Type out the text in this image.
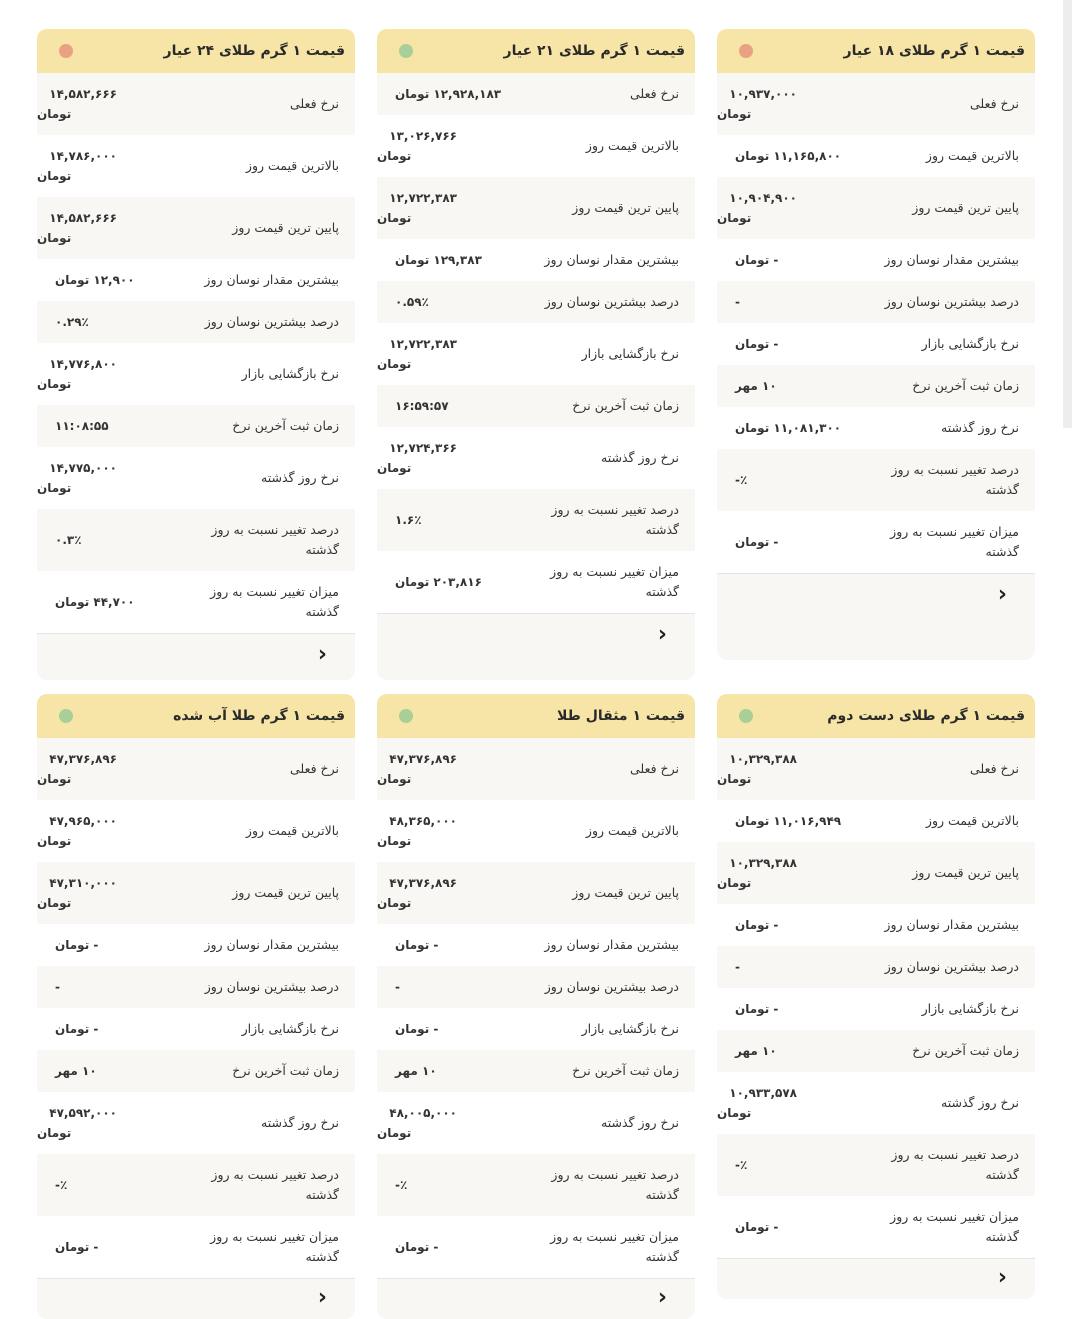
قیمت ۱ گرم طلای ۱۸ عیار
نرخ فعلی
۱۰,۹۳۷,۰۰۰
تومان
بالاترین قیمت روز
۱۱,۱۶۵,۸۰۰ تومان
پایین ترین قیمت روز
۱۰,۹۰۴,۹۰۰
تومان
بیشترین مقدار نوسان روز
- تومان
درصد بیشترین نوسان روز
-
نرخ بازگشایی بازار
- تومان
زمان ثبت آخرین نرخ
۱۰ مهر
نرخ روز گذشته
۱۱,۰۸۱,۳۰۰ تومان
درصد تغییر نسبت به روز گذشته
٪-
میزان تغییر نسبت به روز گذشته
- تومان
‹
قیمت ۱ گرم طلای ۲۱ عیار
نرخ فعلی
۱۲,۹۲۸,۱۸۳ تومان
بالاترین قیمت روز
۱۳,۰۲۶,۷۶۶
تومان
پایین ترین قیمت روز
۱۲,۷۲۲,۳۸۳
تومان
بیشترین مقدار نوسان روز
۱۲۹,۳۸۳ تومان
درصد بیشترین نوسان روز
۰.۵۹٪
نرخ بازگشایی بازار
۱۲,۷۲۲,۳۸۳
تومان
زمان ثبت آخرین نرخ
۱۶:۵۹:۵۷
نرخ روز گذشته
۱۲,۷۲۴,۳۶۶
تومان
درصد تغییر نسبت به روز گذشته
۱.۶٪
میزان تغییر نسبت به روز گذشته
۲۰۳,۸۱۶ تومان
‹
قیمت ۱ گرم طلای ۲۴ عیار
نرخ فعلی
۱۴,۵۸۲,۶۶۶
تومان
بالاترین قیمت روز
۱۴,۷۸۶,۰۰۰
تومان
پایین ترین قیمت روز
۱۴,۵۸۲,۶۶۶
تومان
بیشترین مقدار نوسان روز
۱۲,۹۰۰ تومان
درصد بیشترین نوسان روز
۰.۲۹٪
نرخ بازگشایی بازار
۱۴,۷۷۶,۸۰۰
تومان
زمان ثبت آخرین نرخ
۱۱:۰۸:۵۵
نرخ روز گذشته
۱۴,۷۷۵,۰۰۰
تومان
درصد تغییر نسبت به روز گذشته
۰.۳٪
میزان تغییر نسبت به روز گذشته
۴۴,۷۰۰ تومان
‹
قیمت ۱ گرم طلای دست دوم
نرخ فعلی
۱۰,۳۲۹,۳۸۸
تومان
بالاترین قیمت روز
۱۱,۰۱۶,۹۴۹ تومان
پایین ترین قیمت روز
۱۰,۳۲۹,۳۸۸
تومان
بیشترین مقدار نوسان روز
- تومان
درصد بیشترین نوسان روز
-
نرخ بازگشایی بازار
- تومان
زمان ثبت آخرین نرخ
۱۰ مهر
نرخ روز گذشته
۱۰,۹۳۳,۵۷۸
تومان
درصد تغییر نسبت به روز گذشته
٪-
میزان تغییر نسبت به روز گذشته
- تومان
‹
قیمت ۱ مثقال طلا
نرخ فعلی
۴۷,۳۷۶,۸۹۶
تومان
بالاترین قیمت روز
۴۸,۳۶۵,۰۰۰
تومان
پایین ترین قیمت روز
۴۷,۳۷۶,۸۹۶
تومان
بیشترین مقدار نوسان روز
- تومان
درصد بیشترین نوسان روز
-
نرخ بازگشایی بازار
- تومان
زمان ثبت آخرین نرخ
۱۰ مهر
نرخ روز گذشته
۴۸,۰۰۵,۰۰۰
تومان
درصد تغییر نسبت به روز گذشته
٪-
میزان تغییر نسبت به روز گذشته
- تومان
‹
قیمت ۱ گرم طلا آب شده
نرخ فعلی
۴۷,۳۷۶,۸۹۶
تومان
بالاترین قیمت روز
۴۷,۹۶۵,۰۰۰
تومان
پایین ترین قیمت روز
۴۷,۳۱۰,۰۰۰
تومان
بیشترین مقدار نوسان روز
- تومان
درصد بیشترین نوسان روز
-
نرخ بازگشایی بازار
- تومان
زمان ثبت آخرین نرخ
۱۰ مهر
نرخ روز گذشته
۴۷,۵۹۲,۰۰۰
تومان
درصد تغییر نسبت به روز گذشته
٪-
میزان تغییر نسبت به روز گذشته
- تومان
‹
